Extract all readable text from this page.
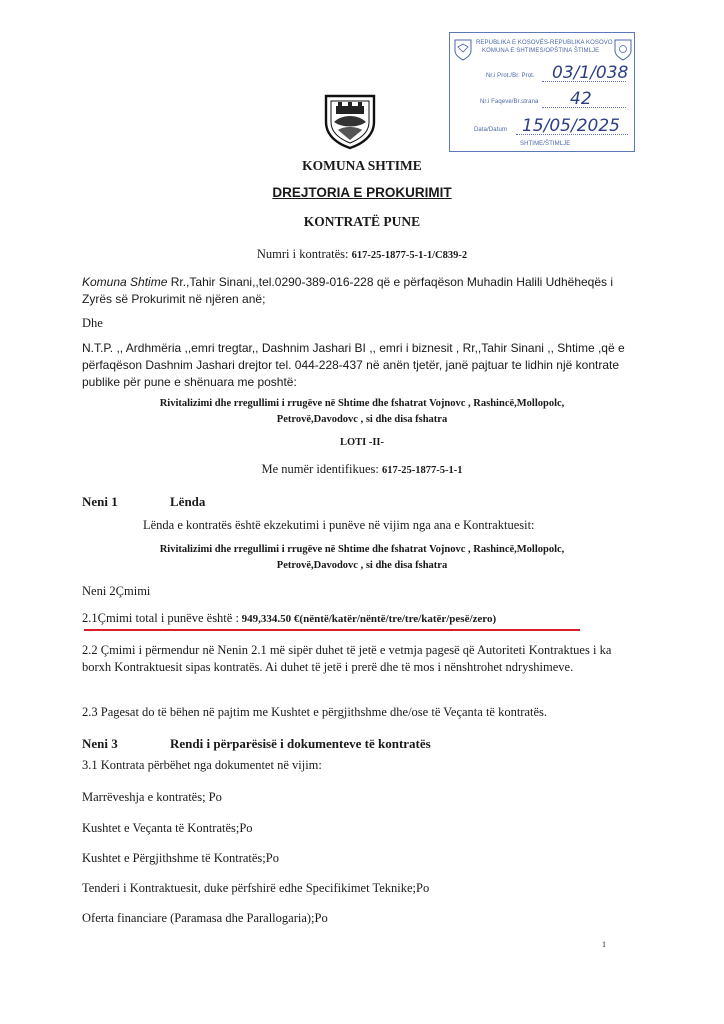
REPUBLIKA E KOSOVËS-REPUBLIKA KOSOVO
KOMUNA E SHTIMES/OPŠTINA ŠTIMLJE
Nr.i Prot./Br. Prot. 03/1/038
Nr.i Faqeve/Br.strana 42
Data/Datum 15/05/2025
SHTIME/ŠTIMLJE
KOMUNA SHTIME
DREJTORIA E PROKURIMIT
KONTRATË PUNE
Numri i kontratës: 617-25-1877-5-1-1/C839-2

Komuna Shtime Rr.,Tahir Sinani,,tel.0290-389-016-228 që e përfaqëson Muhadin Halili Udhëheqës i Zyrës së Prokurimit në njëren anë;

Dhe

N.T.P. ,, Ardhmëria ,,emri tregtar,, Dashnim Jashari BI ,, emri i biznesit , Rr,,Tahir Sinani ,, Shtime ,që e përfaqëson Dashnim Jashari drejtor tel. 044-228-437 në anën tjetër, janë pajtuar te lidhin një kontrate publike për pune e shënuara me poshtë:

Rivitalizimi dhe rregullimi i rrugëve në Shtime dhe fshatrat Vojnovc , Rashincë,Mollopolc, Petrovë,Davodovc , si dhe disa fshatra

LOTI -II-
Me numër identifikues: 617-25-1877-5-1-1
Neni 1	Lënda
Lënda e kontratës është ekzekutimi i punëve në vijim nga ana e Kontraktuesit:

Rivitalizimi dhe rregullimi i rrugëve në Shtime dhe fshatrat Vojnovc , Rashincë,Mollopolc, Petrovë,Davodovc , si dhe disa fshatra

Neni 2Çmimi
2.1Çmimi total i punëve është : 949,334.50 €(nëntë/katër/nëntë/tre/tre/katër/pesë/zero)

2.2 Çmimi i përmendur në Nenin 2.1 më sipër duhet të jetë e vetmja pagesë që Autoriteti Kontraktues i ka borxh Kontraktuesit sipas kontratës. Ai duhet të jetë i prerë dhe të mos i nënshtrohet ndryshimeve.

2.3 Pagesat do të bëhen në pajtim me Kushtet e përgjithshme dhe/ose të Veçanta të kontratës.

Neni 3	Rendi i përparësisë i dokumenteve të kontratës
3.1 Kontrata përbëhet nga dokumentet në vijim:
Marrëveshja e kontratës; Po
Kushtet e Veçanta të Kontratës;Po
Kushtet e Përgjithshme të Kontratës;Po
Tenderi i Kontraktuesit, duke përfshirë edhe Specifikimet Teknike;Po
Oferta financiare (Paramasa dhe Parallogaria);Po
1
